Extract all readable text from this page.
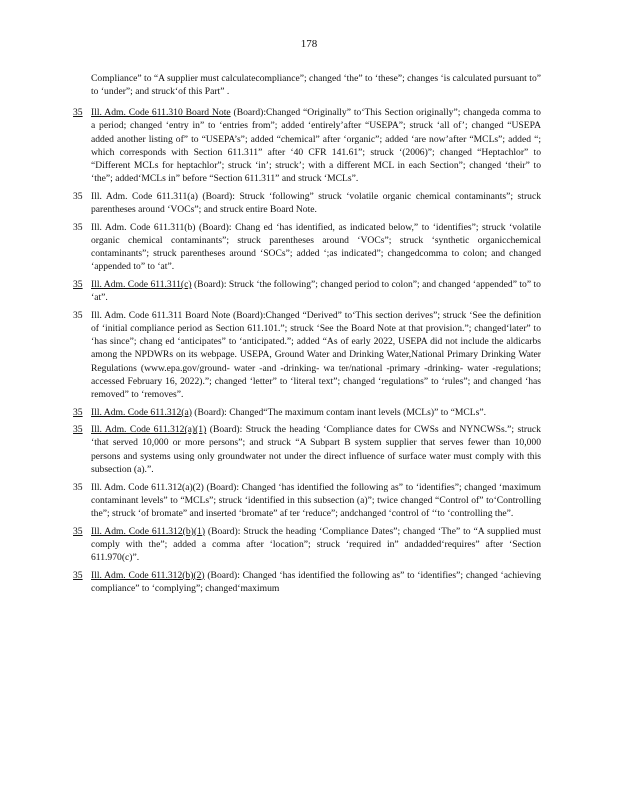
178
Compliance” to “A supplier must calculatecompliance”; changed ‘the” to ‘these”; changes ‘is calculated pursuant to” to ‘under”; and struck‘of this Part” .
35 Ill. Adm. Code 611.310 Board Note (Board):Changed “Originally” to‘This Section originally”; changeda comma to a period; changed ‘entry in” to ‘entries from”; added ‘entirely’after “USEPA”; struck ‘all of’; changed “USEPA added another listing of” to “USEPA’s”; added “chemical” after ‘organic”; added ‘are now’after “MCLs”; added “; which corresponds with Section 611.311” after ‘40 CFR 141.61”; struck ‘(2006)”; changed “Heptachlor” to “Different MCLs for heptachlor”; struck ‘in’; struck’; with a different MCL in each Section”; changed ‘their” to ‘the”; added‘MCLs in” before “Section 611.311” and struck ‘MCLs”.
35 Ill. Adm. Code 611.311(a) (Board): Struck ‘following” struck ‘volatile organic chemical contaminants”; struck parentheses around ‘VOCs”; and struck entire Board Note.
35 Ill. Adm. Code 611.311(b) (Board): Chang ed ‘has identified, as indicated below,” to ‘identifies”; struck ‘volatile organic chemical contaminants”; struck parentheses around ‘VOCs”; struck ‘synthetic organicchemical contaminants”; struck parentheses around ‘SOCs”; added ‘;as indicated”; changedcomma to colon; and changed ‘appended to” to ‘at”.
35 Ill. Adm. Code 611.311(c) (Board): Struck ‘the following”; changed period to colon”; and changed ‘appended” to” to ‘at”.
35 Ill. Adm. Code 611.311 Board Note (Board):Changed “Derived” to‘This section derives”; struck ‘See the definition of ‘initial compliance period as Section 611.101.”; struck ‘See the Board Note at that provision.”; changed‘later” to ‘has since”; chang ed ‘anticipates” to ‘anticipated.”; added “As of early 2022, USEPA did not include the aldicarbs among the NPDWRs on its webpage. USEPA, Ground Water and Drinking Water,National Primary Drinking Water Regulations (www.epa.gov/ground- water -and -drinking- wa ter/national -primary -drinking- water -regulations; accessed February 16, 2022).”; changed ‘letter” to ‘literal text”; changed ‘regulations” to ‘rules”; and changed ‘has removed” to ‘removes”.
35 Ill. Adm. Code 611.312(a) (Board): Changed“The maximum contam inant levels (MCLs)” to “MCLs”.
35 Ill. Adm. Code 611.312(a)(1) (Board): Struck the heading ‘Compliance dates for CWSs and NYNCWSs.”; struck ‘that served 10,000 or more persons”; and struck “A Subpart B system supplier that serves fewer than 10,000 persons and systems using only groundwater not under the direct influence of surface water must comply with this subsection (a).”.
35 Ill. Adm. Code 611.312(a)(2) (Board): Changed ‘has identified the following as” to ‘identifies”; changed ‘maximum contaminant levels” to “MCLs”; struck ‘identified in this subsection (a)”; twice changed “Control of” to‘Controlling the”; struck ‘of bromate” and inserted ‘bromate” af ter ‘reduce”; andchanged ‘control of ‘‘to ‘controlling the”.
35 Ill. Adm. Code 611.312(b)(1) (Board): Struck the heading ‘Compliance Dates”; changed ‘The” to “A supplied must comply with the”; added a comma after ‘location”; struck ‘required in” andadded‘requires” after ‘Section 611.970(c)”.
35 Ill. Adm. Code 611.312(b)(2) (Board): Changed ‘has identified the following as” to ‘identifies”; changed ‘achieving compliance” to ‘complying”; changed‘maximum
